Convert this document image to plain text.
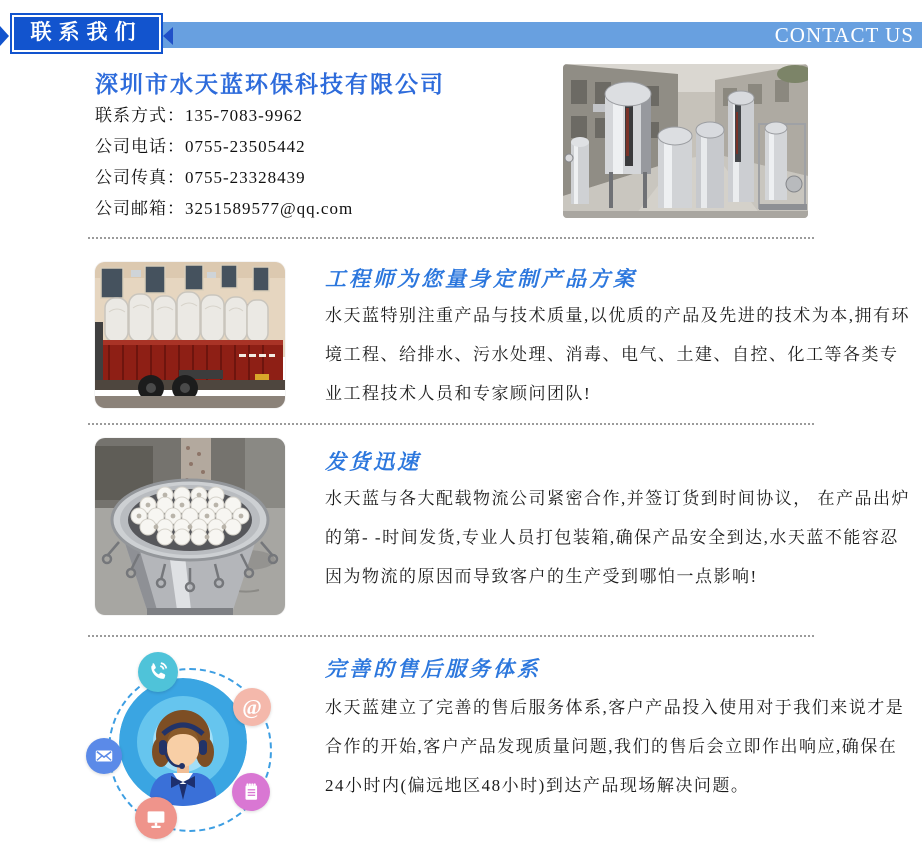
CONTACT US
联系我们
深圳市水天蓝环保科技有限公司
联系方式：135-7083-9962
公司电话：0755-23505442
公司传真：0755-23328439
公司邮箱：3251589577@qq.com
工程师为您量身定制产品方案
水天蓝特别注重产品与技术质量,以优质的产品及先进的技术为本,拥有环境工程、给排水、污水处理、消毒、电气、土建、自控、化工等各类专业工程技术人员和专家顾问团队!
发货迅速
水天蓝与各大配载物流公司紧密合作,并签订货到时间协议， 在产品出炉的第- -时间发货,专业人员打包装箱,确保产品安全到达,水天蓝不能容忍因为物流的原因而导致客户的生产受到哪怕一点影响!
@
完善的售后服务体系
水天蓝建立了完善的售后服务体系,客户产品投入使用对于我们来说才是合作的开始,客户产品发现质量问题,我们的售后会立即作出响应,确保在24小时内(偏远地区48小时)到达产品现场解决问题。
